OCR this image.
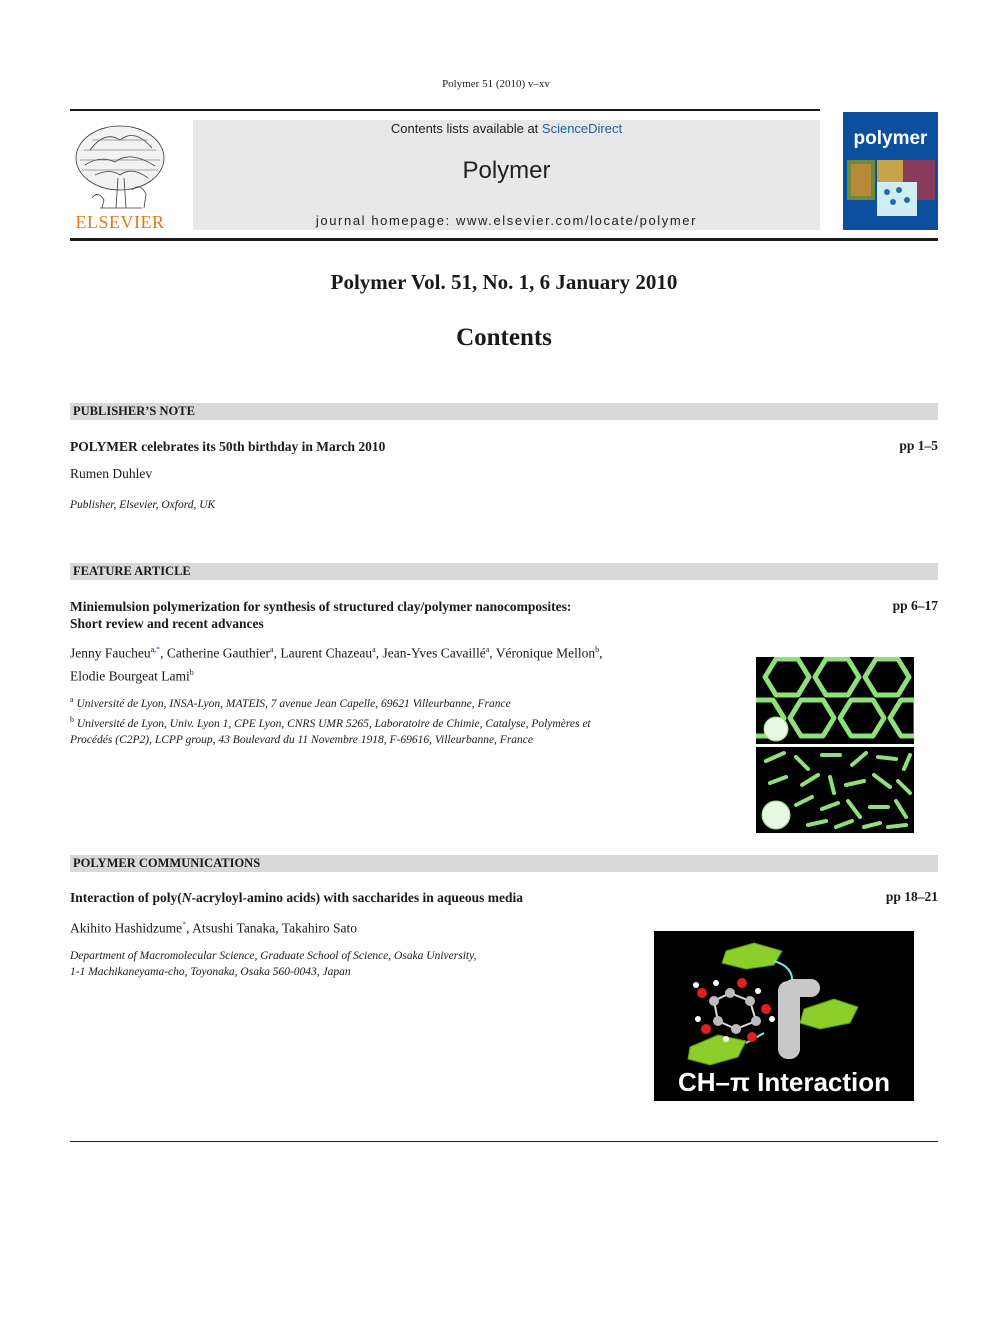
Polymer 51 (2010) v–xv
ELSEVIER
Contents lists available at ScienceDirect
Polymer
journal homepage: www.elsevier.com/locate/polymer
polymer
Polymer Vol. 51, No. 1, 6 January 2010
Contents
PUBLISHER’S NOTE
POLYMER celebrates its 50th birthday in March 2010	pp 1–5
Rumen Duhlev
Publisher, Elsevier, Oxford, UK
FEATURE ARTICLE
Miniemulsion polymerization for synthesis of structured clay/polymer nanocomposites:
Short review and recent advances
pp 6–17
Jenny Faucheu$^{a,*}$, Catherine Gauthier$^a$, Laurent Chazeau$^a$, Jean-Yves Cavaillé$^a$, Véronique Mellon$^b$,
Elodie Bourgeat Lami$^b$
$^a$ Université de Lyon, INSA-Lyon, MATEIS, 7 avenue Jean Capelle, 69621 Villeurbanne, France
$^b$ Université de Lyon, Univ. Lyon 1, CPE Lyon, CNRS UMR 5265, Laboratoire de Chimie, Catalyse, Polymères et
Procédés (C2P2), LCPP group, 43 Boulevard du 11 Novembre 1918, F-69616, Villeurbanne, France
POLYMER COMMUNICATIONS
Interaction of poly(N-acryloyl-amino acids) with saccharides in aqueous media	pp 18–21
Akihito Hashidzume*, Atsushi Tanaka, Takahiro Sato
Department of Macromolecular Science, Graduate School of Science, Osaka University,
1-1 Machikaneyama-cho, Toyonaka, Osaka 560-0043, Japan
CH–π Interaction
